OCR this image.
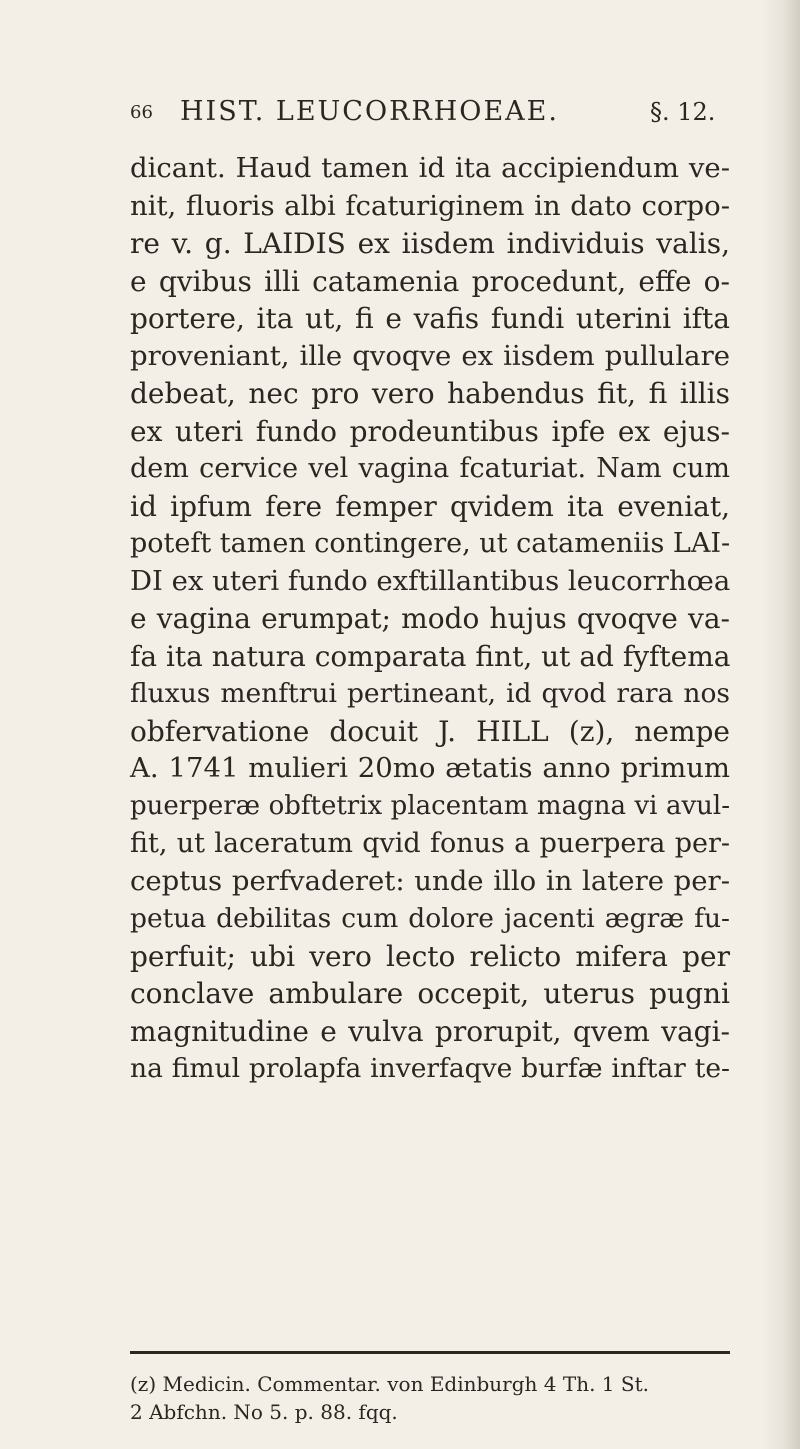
66 HIST. LEUCORRHOEAE.	§. 12.
dicant. Haud tamen id ita accipiendum ve-
nit, fluoris albi fcaturiginem in dato corpo-
re v. g. LAIDIS ex iisdem individuis valis,
e qvibus illi catamenia procedunt, effe o-
portere, ita ut, fi e vafis fundi uterini ifta
proveniant, ille qvoqve ex iisdem pullulare
debeat, nec pro vero habendus fit, fi illis
ex uteri fundo prodeuntibus ipfe ex ejus-
dem cervice vel vagina fcaturiat. Nam cum
id ipfum fere femper qvidem ita eveniat,
poteft tamen contingere, ut catameniis LAI-
DI ex uteri fundo exftillantibus leucorrhœa
e vagina erumpat; modo hujus qvoqve va-
fa ita natura comparata fint, ut ad fyftema
fluxus menftrui pertineant, id qvod rara nos
obfervatione docuit J. HILL (z), nempe
A. 1741 mulieri 20mo ætatis anno primum
puerperæ obftetrix placentam magna vi avul-
fit, ut laceratum qvid fonus a puerpera per-
ceptus perfvaderet: unde illo in latere per-
petua debilitas cum dolore jacenti ægræ fu-
perfuit; ubi vero lecto relicto mifera per
conclave ambulare occepit, uterus pugni
magnitudine e vulva prorupit, qvem vagi-
na fimul prolapfa inverfaqve burfæ inftar te-
(z) Medicin. Commentar. von Edinburgh 4 Th. 1 St.
2 Abfchn. No 5. p. 88. fqq.
